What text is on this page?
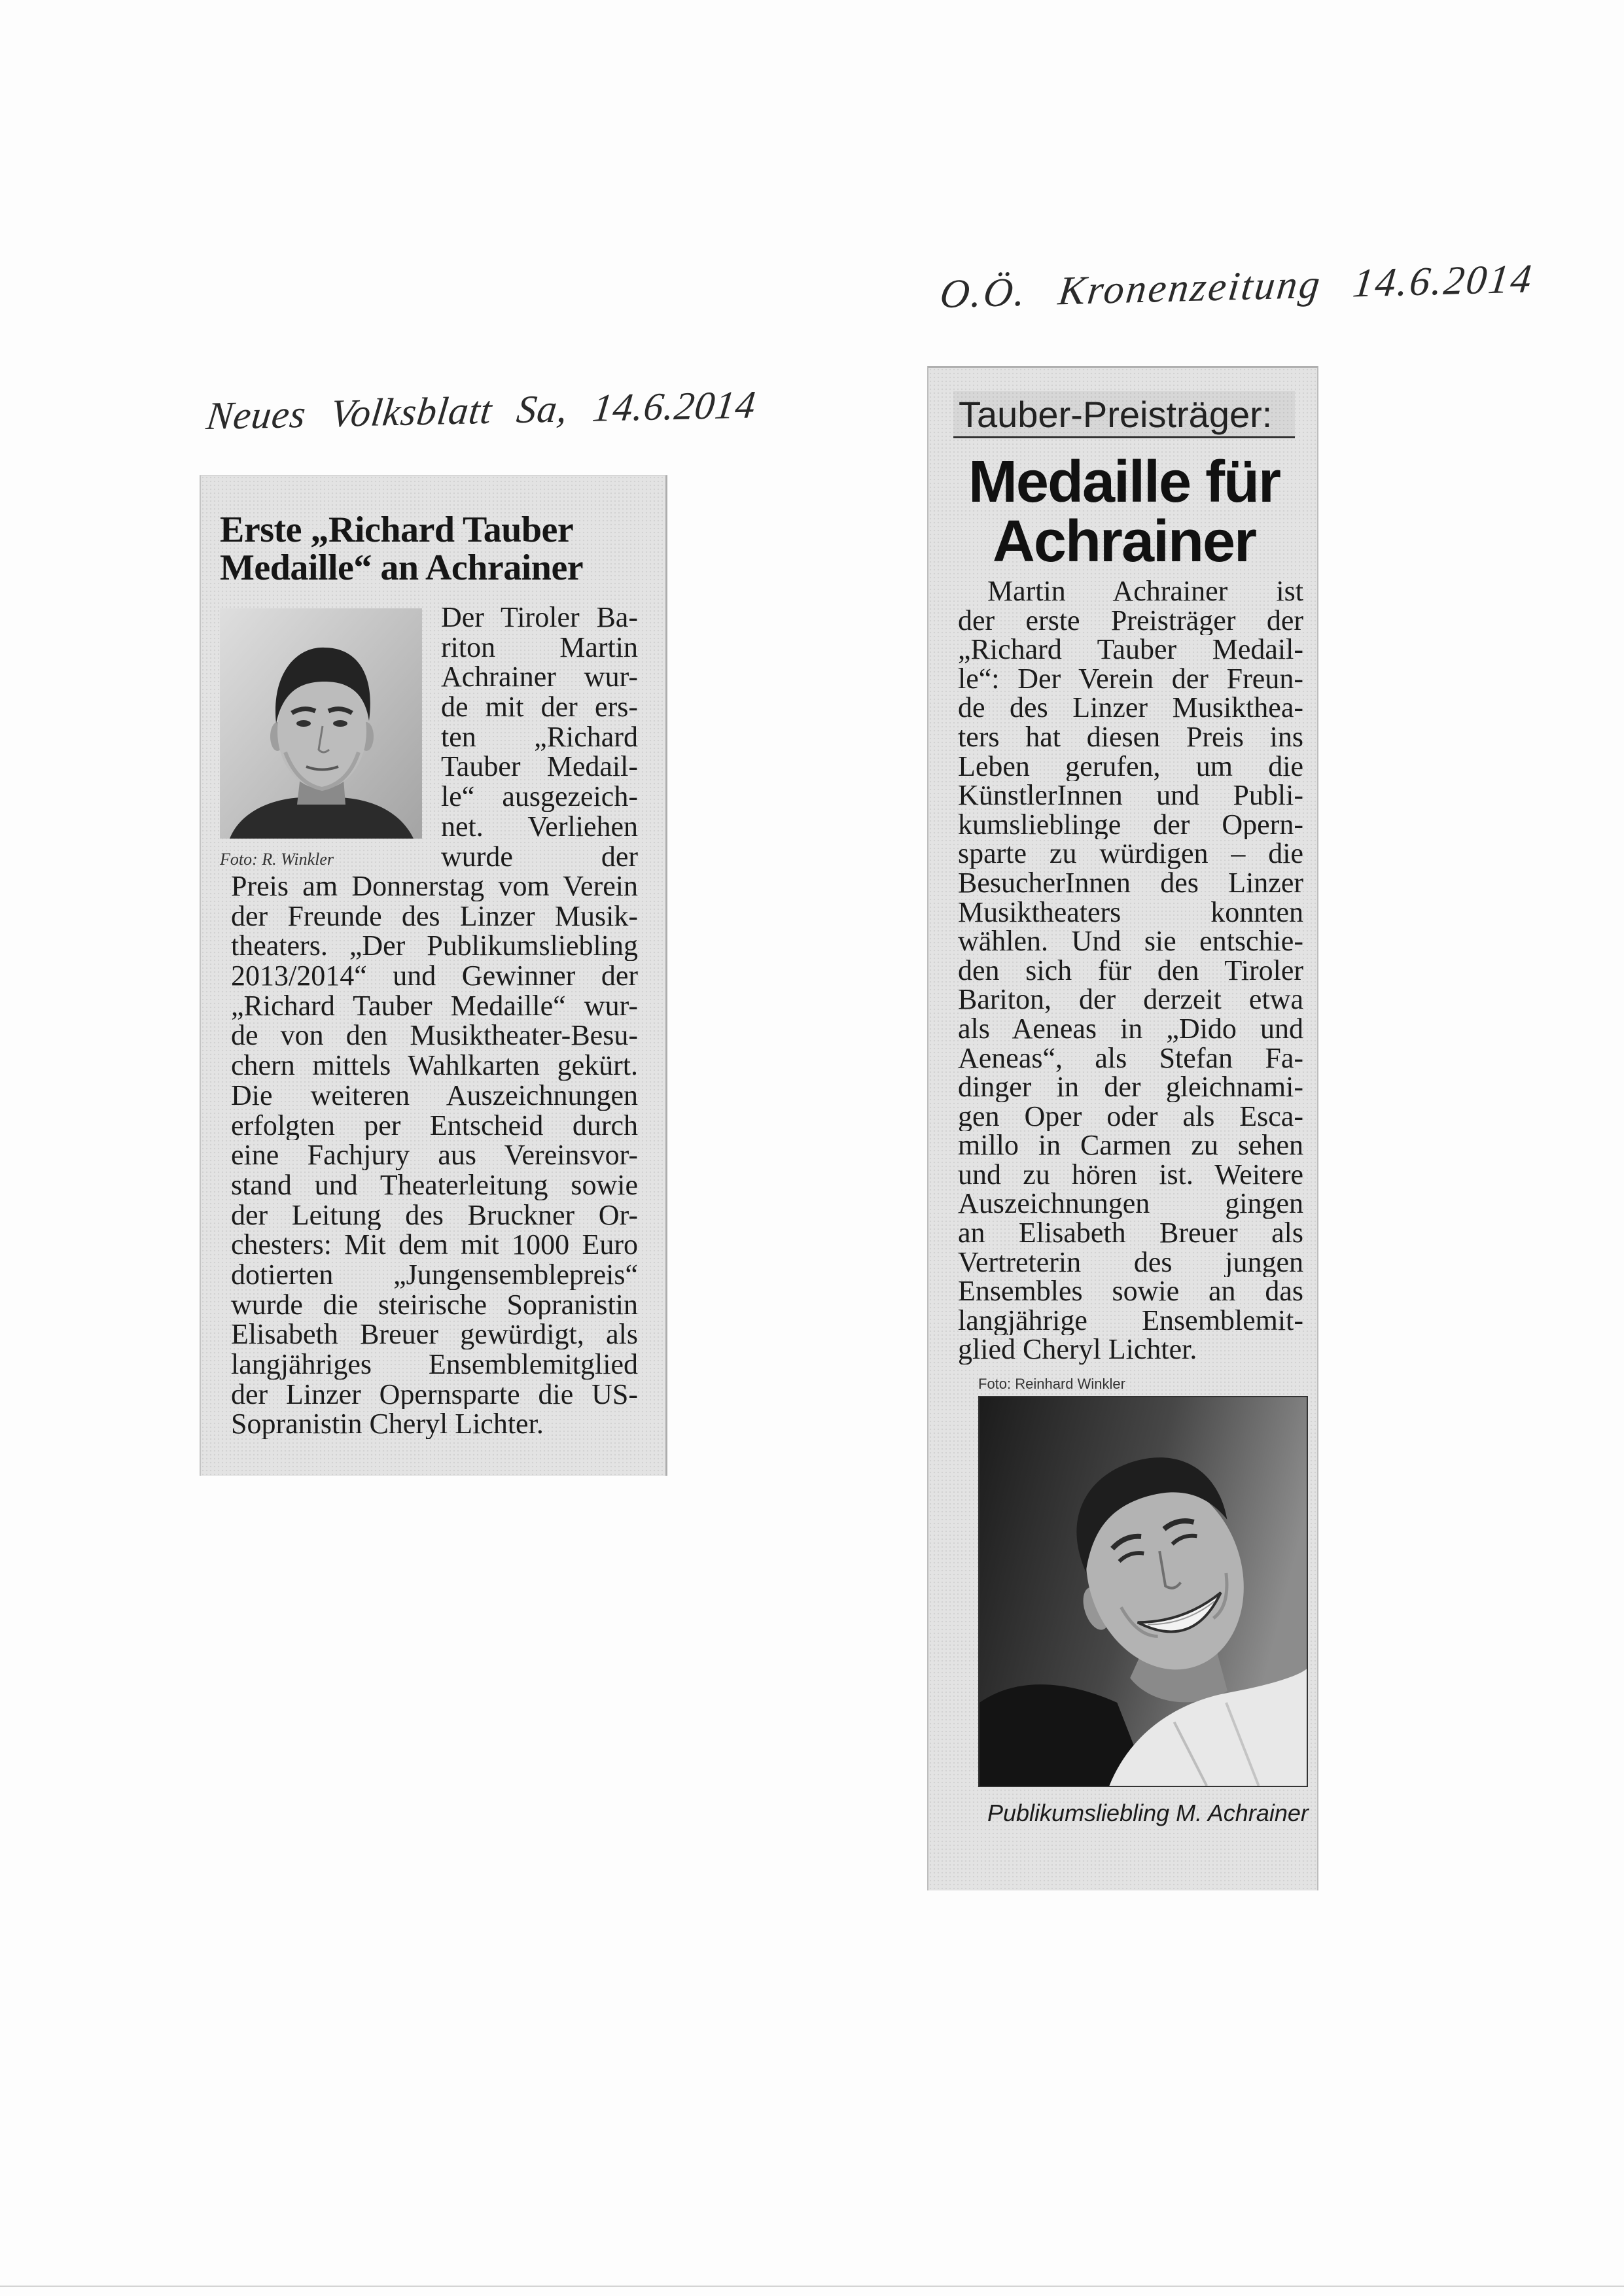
O.Ö. Kronenzeitung 14.6.2014
Neues Volksblatt Sa, 14.6.2014
Erste „Richard Tauber
Medaille“ an Achrainer
Foto: R. Winkler
Der Tiroler Ba-
riton Martin
Achrainer wur-
de mit der ers-
ten „Richard
Tauber Medail-
le“ ausgezeich-
net. Verliehen
wurde der
Preis am Donnerstag vom Verein
der Freunde des Linzer Musik-
theaters. „Der Publikumsliebling
2013/2014“ und Gewinner der
„Richard Tauber Medaille“ wur-
de von den Musiktheater-Besu-
chern mittels Wahlkarten gekürt.
Die weiteren Auszeichnungen
erfolgten per Entscheid durch
eine Fachjury aus Vereinsvor-
stand und Theaterleitung sowie
der Leitung des Bruckner Or-
chesters: Mit dem mit 1000 Euro
dotierten „Jungensemblepreis“
wurde die steirische Sopranistin
Elisabeth Breuer gewürdigt, als
langjähriges Ensemblemitglied
der Linzer Opernsparte die US-
Sopranistin Cheryl Lichter.
Tauber-Preisträger:
Medaille für
Achrainer
Martin Achrainer ist
der erste Preisträger der
„Richard Tauber Medail-
le“: Der Verein der Freun-
de des Linzer Musikthea-
ters hat diesen Preis ins
Leben gerufen, um die
KünstlerInnen und Publi-
kumslieblinge der Opern-
sparte zu würdigen – die
BesucherInnen des Linzer
Musiktheaters konnten
wählen. Und sie entschie-
den sich für den Tiroler
Bariton, der derzeit etwa
als Aeneas in „Dido und
Aeneas“, als Stefan Fa-
dinger in der gleichnami-
gen Oper oder als Esca-
millo in Carmen zu sehen
und zu hören ist. Weitere
Auszeichnungen gingen
an Elisabeth Breuer als
Vertreterin des jungen
Ensembles sowie an das
langjährige Ensemblemit-
glied Cheryl Lichter.
Foto: Reinhard Winkler
Publikumsliebling M. Achrainer
